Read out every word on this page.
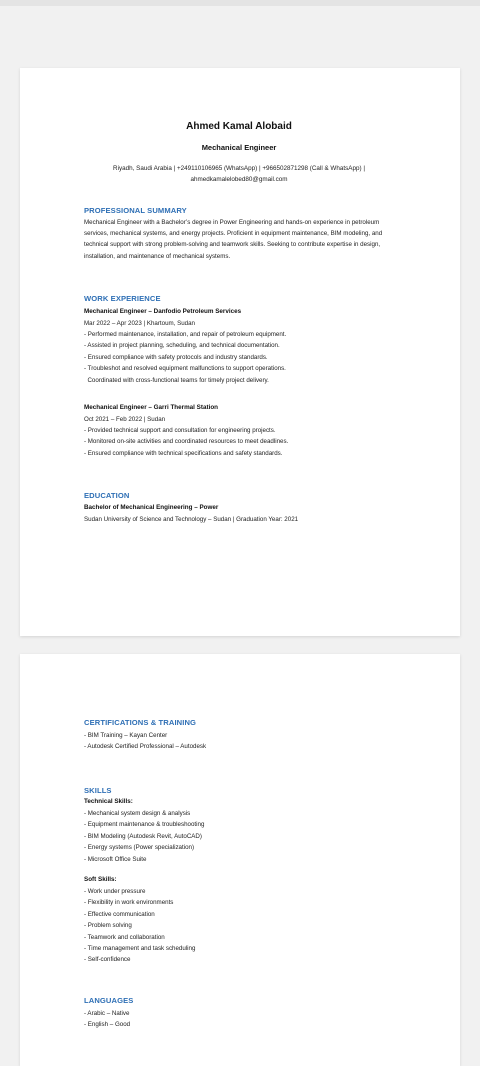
Ahmed Kamal Alobaid
Mechanical Engineer
Riyadh, Saudi Arabia | +249110106965 (WhatsApp) | +966502871298 (Call & WhatsApp) |
ahmedkamalelobed80@gmail.com
PROFESSIONAL SUMMARY
Mechanical Engineer with a Bachelor’s degree in Power Engineering and hands-on experience in petroleum services, mechanical systems, and energy projects. Proficient in equipment maintenance, BIM modeling, and technical support with strong problem-solving and teamwork skills. Seeking to contribute expertise in design, installation, and maintenance of mechanical systems.
WORK EXPERIENCE
Mechanical Engineer – Danfodio Petroleum Services
Mar 2022 – Apr 2023 | Khartoum, Sudan
- Performed maintenance, installation, and repair of petroleum equipment.
- Assisted in project planning, scheduling, and technical documentation.
- Ensured compliance with safety protocols and industry standards.
- Troubleshot and resolved equipment malfunctions to support operations.
Coordinated with cross-functional teams for timely project delivery.
Mechanical Engineer – Garri Thermal Station
Oct 2021 – Feb 2022 | Sudan
- Provided technical support and consultation for engineering projects.
- Monitored on-site activities and coordinated resources to meet deadlines.
- Ensured compliance with technical specifications and safety standards.
EDUCATION
Bachelor of Mechanical Engineering – Power
Sudan University of Science and Technology – Sudan | Graduation Year: 2021
CERTIFICATIONS & TRAINING
- BIM Training – Kayan Center
- Autodesk Certified Professional – Autodesk
SKILLS
Technical Skills:
- Mechanical system design & analysis
- Equipment maintenance & troubleshooting
- BIM Modeling (Autodesk Revit, AutoCAD)
- Energy systems (Power specialization)
- Microsoft Office Suite
Soft Skills:
- Work under pressure
- Flexibility in work environments
- Effective communication
- Problem solving
- Teamwork and collaboration
- Time management and task scheduling
- Self-confidence
LANGUAGES
- Arabic – Native
- English – Good
